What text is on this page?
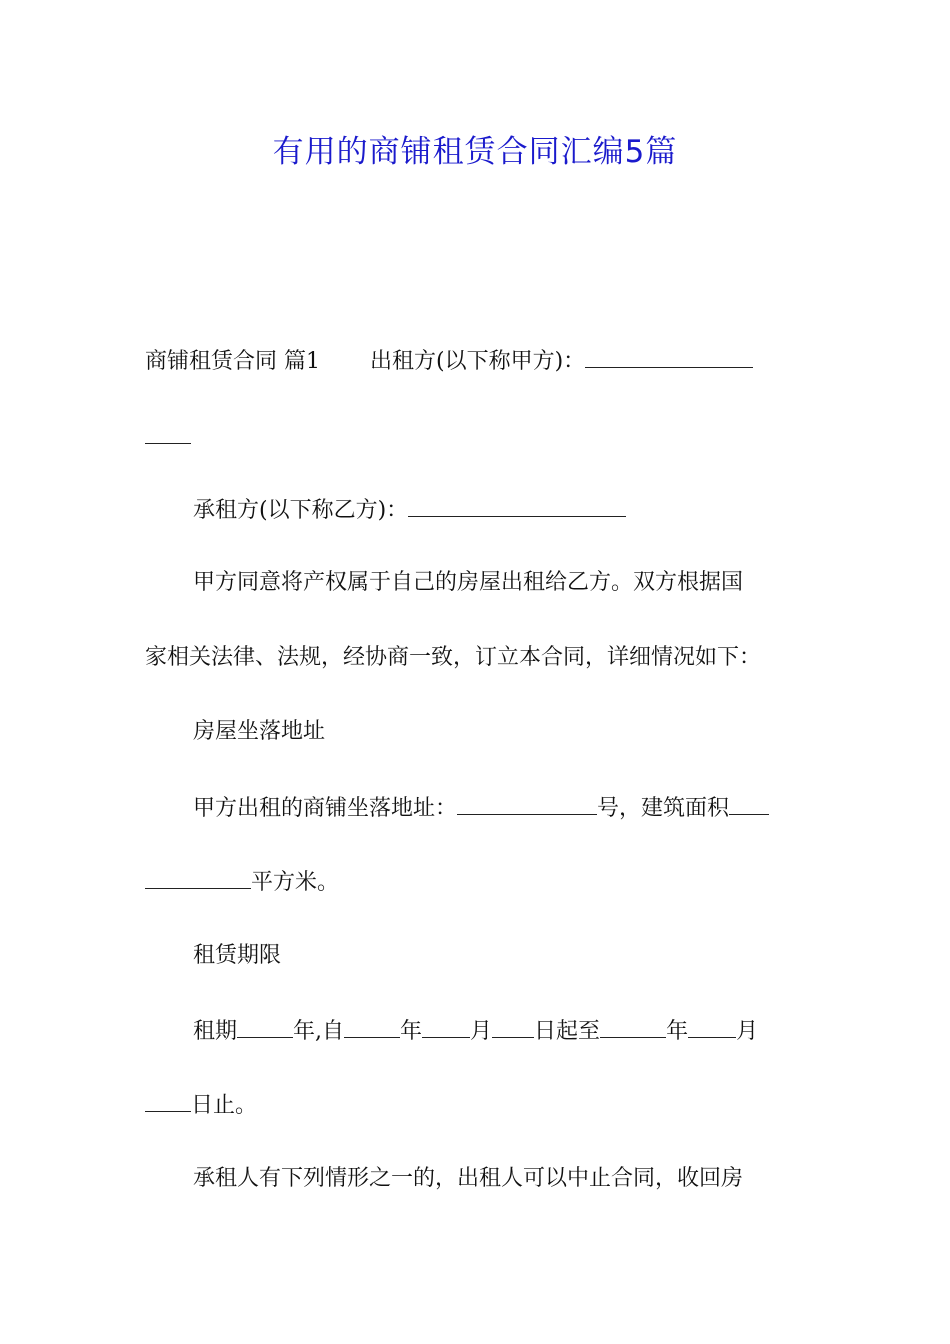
有用的商铺租赁合同汇编5篇
商铺租赁合同 篇1 出租方(以下称甲方)：
承租方(以下称乙方)：
甲方同意将产权属于自己的房屋出租给乙方。双方根据国
家相关法律、法规，经协商一致，订立本合同，详细情况如下：
房屋坐落地址
甲方出租的商铺坐落地址：	号，建筑面积
平方米。
租赁期限
租期	年,自	年 月 日起至	年 月
日止。
承租人有下列情形之一的，出租人可以中止合同，收回房
